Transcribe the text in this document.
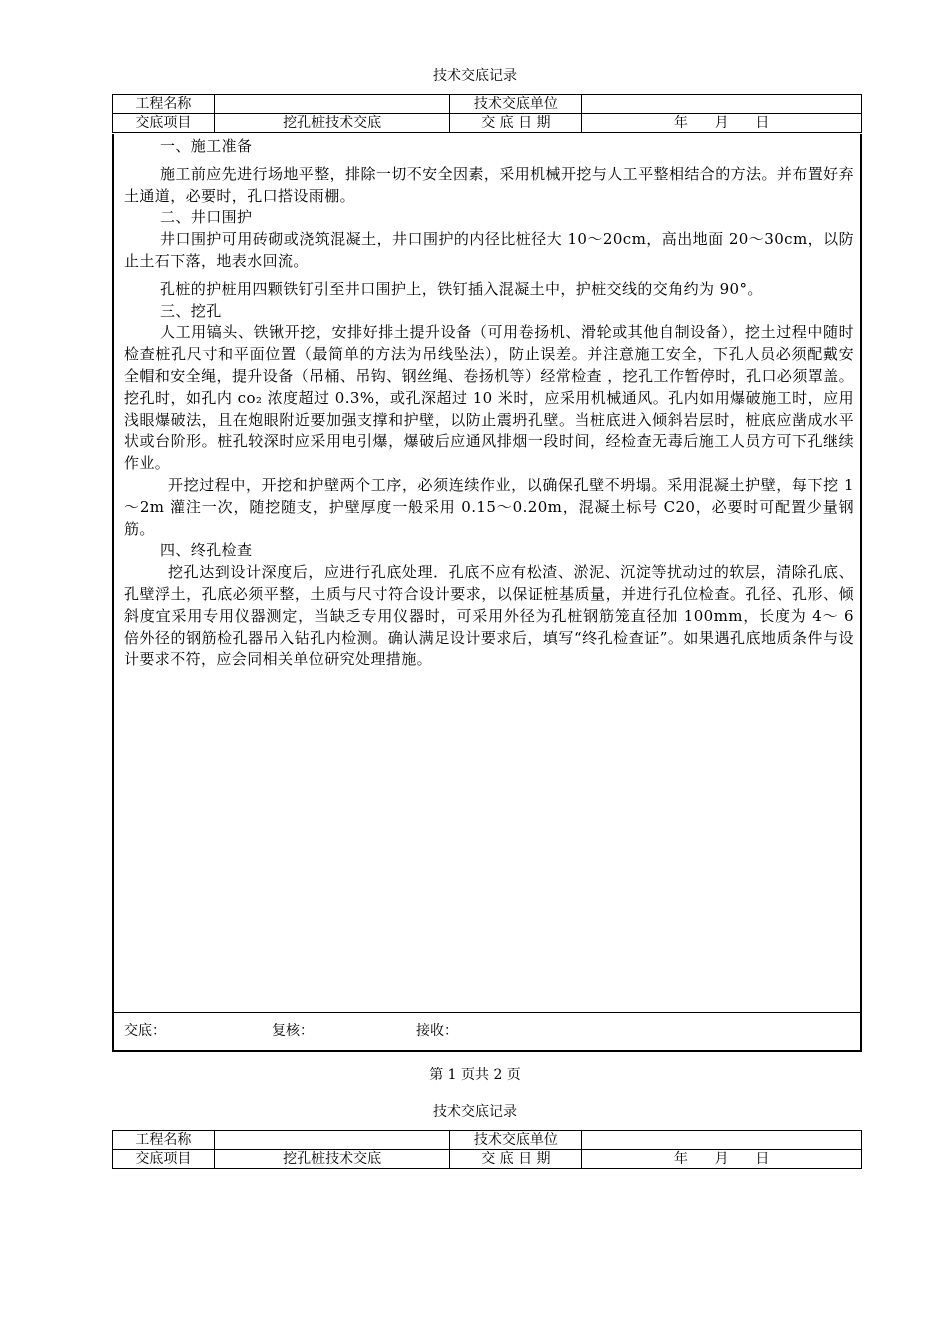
技术交底记录
工程名称		技术交底单位	
交底项目	挖孔桩技术交底	交 底 日 期	年      月      日

一、施工准备

施工前应先进行场地平整，排除一切不安全因素，采用机械开挖与人工平整相结合的方法。并布置好弃土通道，必要时，孔口搭设雨棚。

二、井口围护

井口围护可用砖砌或浇筑混凝土，井口围护的内径比桩径大 10～20cm，高出地面 20～30cm，以防止土石下落，地表水回流。

孔桩的护桩用四颗铁钉引至井口围护上，铁钉插入混凝土中，护桩交线的交角约为 90°。

三、挖孔

人工用镐头、铁锹开挖，安排好排土提升设备（可用卷扬机、滑轮或其他自制设备），挖土过程中随时检查桩孔尺寸和平面位置（最简单的方法为吊线坠法），防止误差。并注意施工安全，下孔人员必须配戴安全帽和安全绳，提升设备（吊桶、吊钩、钢丝绳、卷扬机等）经常检查 ，挖孔工作暂停时，孔口必须罩盖。挖孔时，如孔内 co₂ 浓度超过 0.3%，或孔深超过 10 米时，应采用机械通风。孔内如用爆破施工时，应用浅眼爆破法，且在炮眼附近要加强支撑和护壁，以防止震坍孔壁。当桩底进入倾斜岩层时，桩底应凿成水平状或台阶形。桩孔较深时应采用电引爆，爆破后应通风排烟一段时间，经检查无毒后施工人员方可下孔继续作业。

开挖过程中，开挖和护壁两个工序，必须连续作业，以确保孔壁不坍塌。采用混凝土护壁，每下挖 1～2m 灌注一次，随挖随支，护壁厚度一般采用 0.15～0.20m，混凝土标号 C20，必要时可配置少量钢筋。

四、终孔检查

挖孔达到设计深度后，应进行孔底处理．孔底不应有松渣、淤泥、沉淀等扰动过的软层，清除孔底、孔壁浮土，孔底必须平整，土质与尺寸符合设计要求，以保证桩基质量，并进行孔位检查。孔径、孔形、倾斜度宜采用专用仪器测定，当缺乏专用仪器时，可采用外径为孔桩钢筋笼直径加 100mm，长度为 4～ 6 倍外径的钢筋检孔器吊入钻孔内检测。确认满足设计要求后，填写“终孔检查证”。如果遇孔底地质条件与设计要求不符，应会同相关单位研究处理措施。

交底：	复核：	接收：
第 1 页共 2 页
技术交底记录
工程名称		技术交底单位	
交底项目	挖孔桩技术交底	交 底 日 期	年      月      日
